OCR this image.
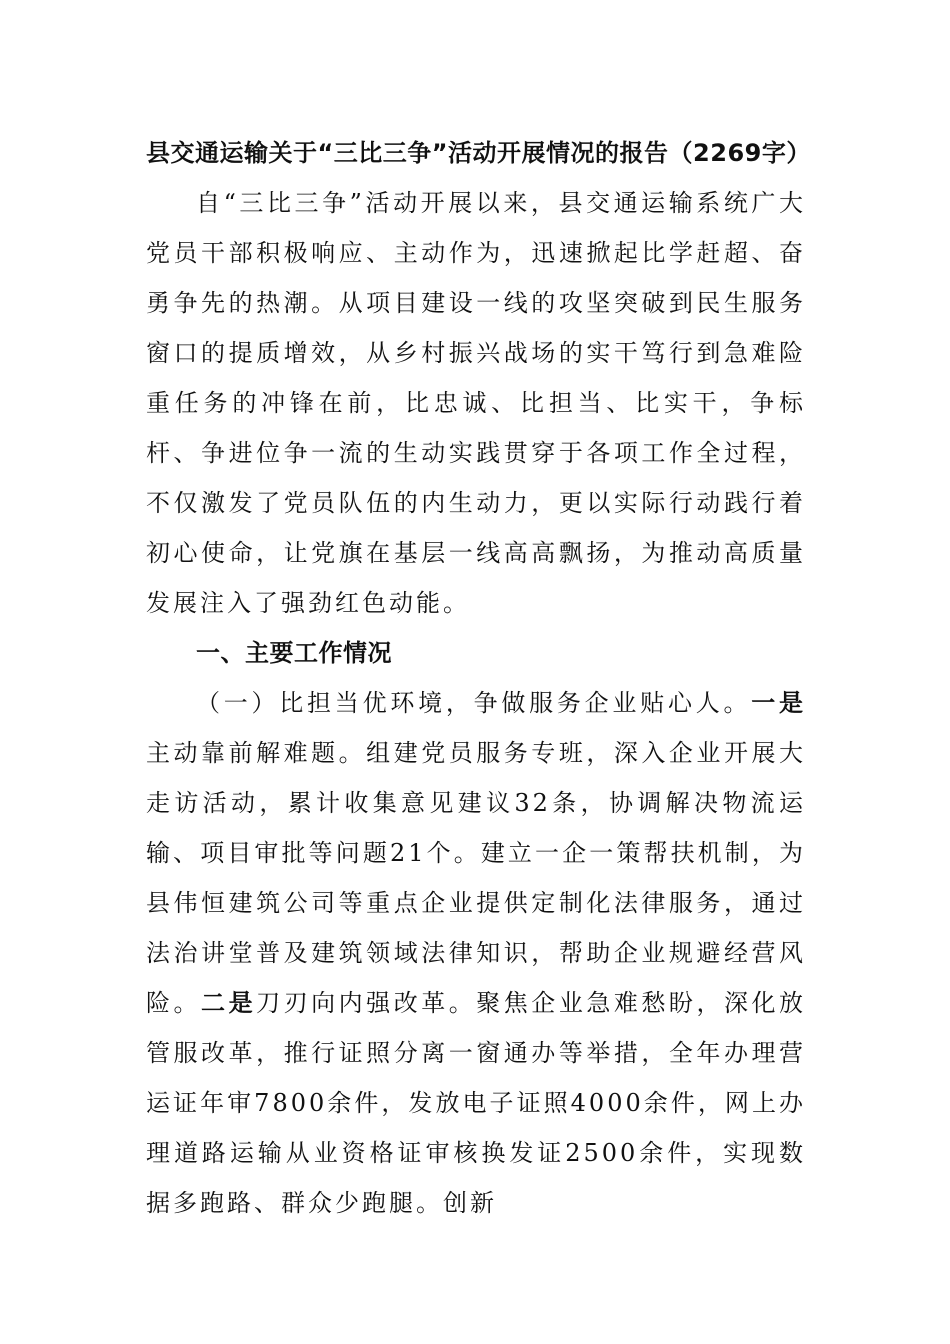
县交通运输关于“三比三争”活动开展情况的报告（2269字）

自“三比三争”活动开展以来，县交通运输系统广大党员干部积极响应、主动作为，迅速掀起比学赶超、奋勇争先的热潮。从项目建设一线的攻坚突破到民生服务窗口的提质增效，从乡村振兴战场的实干笃行到急难险重任务的冲锋在前，比忠诚、比担当、比实干，争标杆、争进位争一流的生动实践贯穿于各项工作全过程，不仅激发了党员队伍的内生动力，更以实际行动践行着初心使命，让党旗在基层一线高高飘扬，为推动高质量发展注入了强劲红色动能。

一、主要工作情况

（一）比担当优环境，争做服务企业贴心人。一是主动靠前解难题。组建党员服务专班，深入企业开展大走访活动，累计收集意见建议32条，协调解决物流运输、项目审批等问题21个。建立一企一策帮扶机制，为县伟恒建筑公司等重点企业提供定制化法律服务，通过法治讲堂普及建筑领域法律知识，帮助企业规避经营风险。二是刀刃向内强改革。聚焦企业急难愁盼，深化放管服改革，推行证照分离一窗通办等举措，全年办理营运证年审7800余件，发放电子证照4000余件，网上办理道路运输从业资格证审核换发证2500余件，实现数据多跑路、群众少跑腿。创新
